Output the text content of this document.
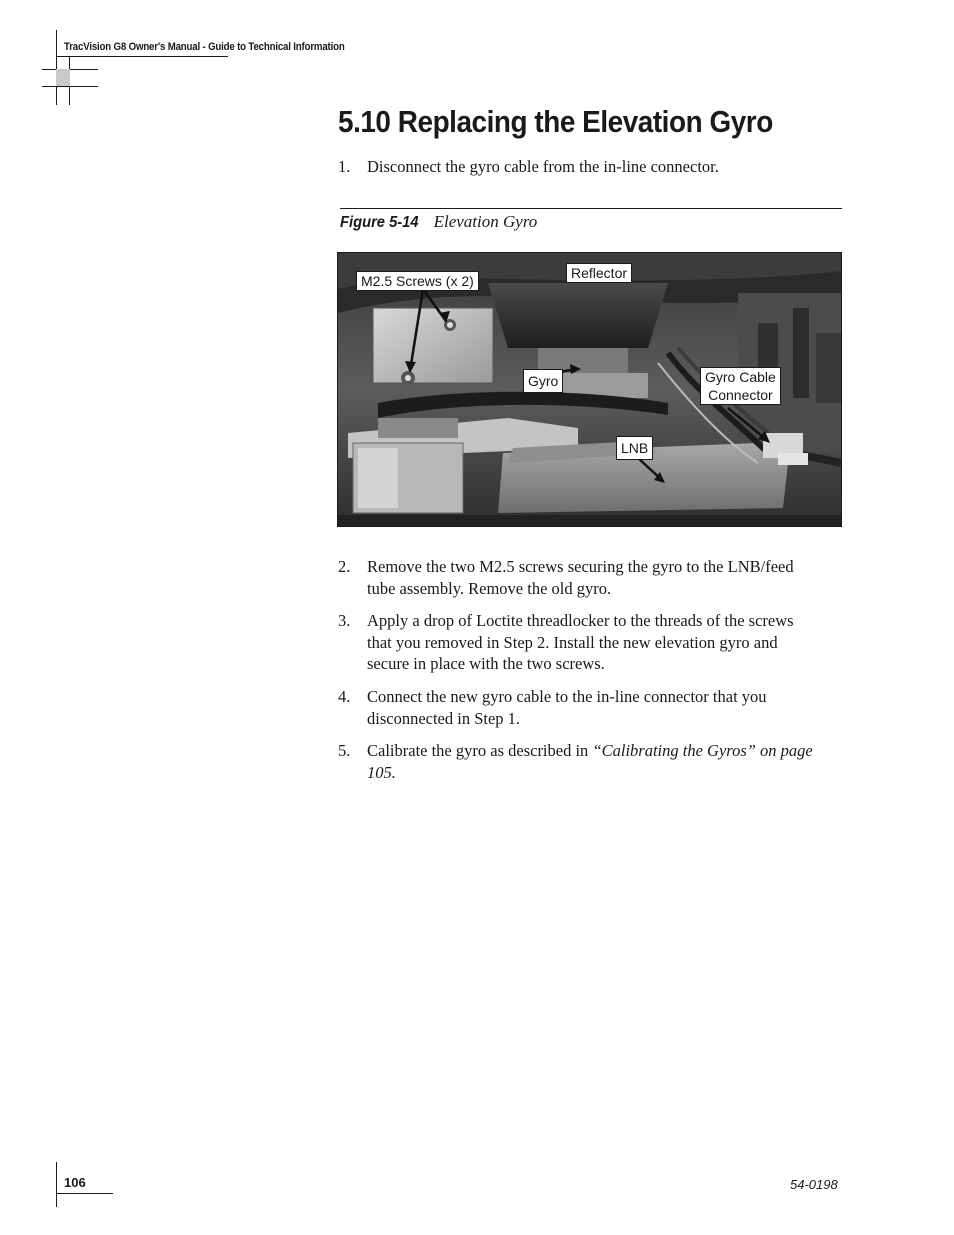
TracVision G8 Owner's Manual - Guide to Technical Information
5.10 Replacing the Elevation Gyro
1. Disconnect the gyro cable from the in-line connector.
Figure 5-14 Elevation Gyro
M2.5 Screws (x 2)	Reflector
Gyro	Gyro Cable
Connector
LNB
2. Remove the two M2.5 screws securing the gyro to the LNB/feed tube assembly. Remove the old gyro.
3. Apply a drop of Loctite threadlocker to the threads of the screws that you removed in Step 2. Install the new elevation gyro and secure in place with the two screws.
4. Connect the new gyro cable to the in-line connector that you disconnected in Step 1.
5. Calibrate the gyro as described in “Calibrating the Gyros” on page 105.
106	54-0198
